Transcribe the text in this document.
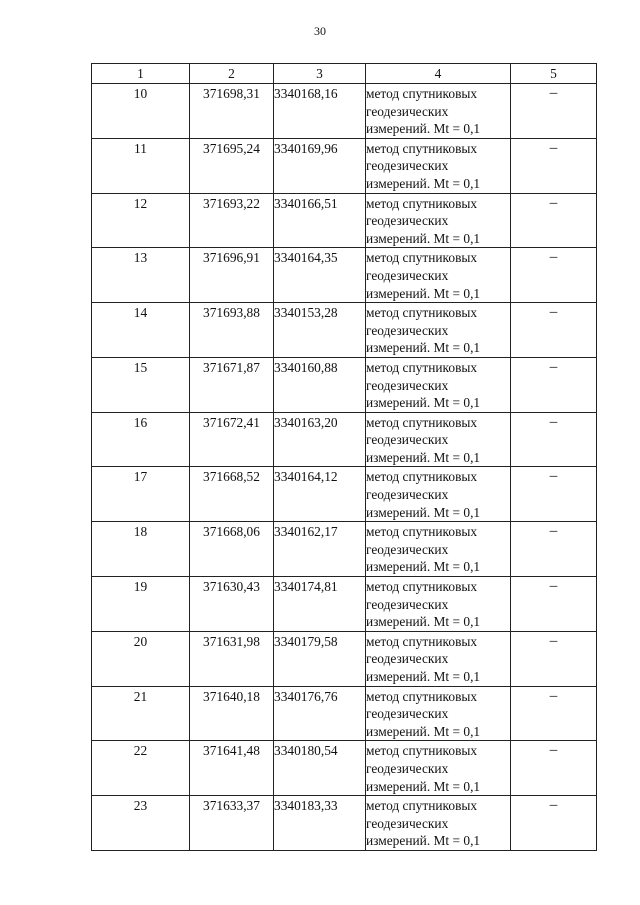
30
1	2	3	4	5
10	371698,31	3340168,16	метод спутниковых
геодезических
измерений. Mt = 0,1	–
11	371695,24	3340169,96	метод спутниковых
геодезических
измерений. Mt = 0,1	–
12	371693,22	3340166,51	метод спутниковых
геодезических
измерений. Mt = 0,1	–
13	371696,91	3340164,35	метод спутниковых
геодезических
измерений. Mt = 0,1	–
14	371693,88	3340153,28	метод спутниковых
геодезических
измерений. Mt = 0,1	–
15	371671,87	3340160,88	метод спутниковых
геодезических
измерений. Mt = 0,1	–
16	371672,41	3340163,20	метод спутниковых
геодезических
измерений. Mt = 0,1	–
17	371668,52	3340164,12	метод спутниковых
геодезических
измерений. Mt = 0,1	–
18	371668,06	3340162,17	метод спутниковых
геодезических
измерений. Mt = 0,1	–
19	371630,43	3340174,81	метод спутниковых
геодезических
измерений. Mt = 0,1	–
20	371631,98	3340179,58	метод спутниковых
геодезических
измерений. Mt = 0,1	–
21	371640,18	3340176,76	метод спутниковых
геодезических
измерений. Mt = 0,1	–
22	371641,48	3340180,54	метод спутниковых
геодезических
измерений. Mt = 0,1	–
23	371633,37	3340183,33	метод спутниковых
геодезических
измерений. Mt = 0,1	–
